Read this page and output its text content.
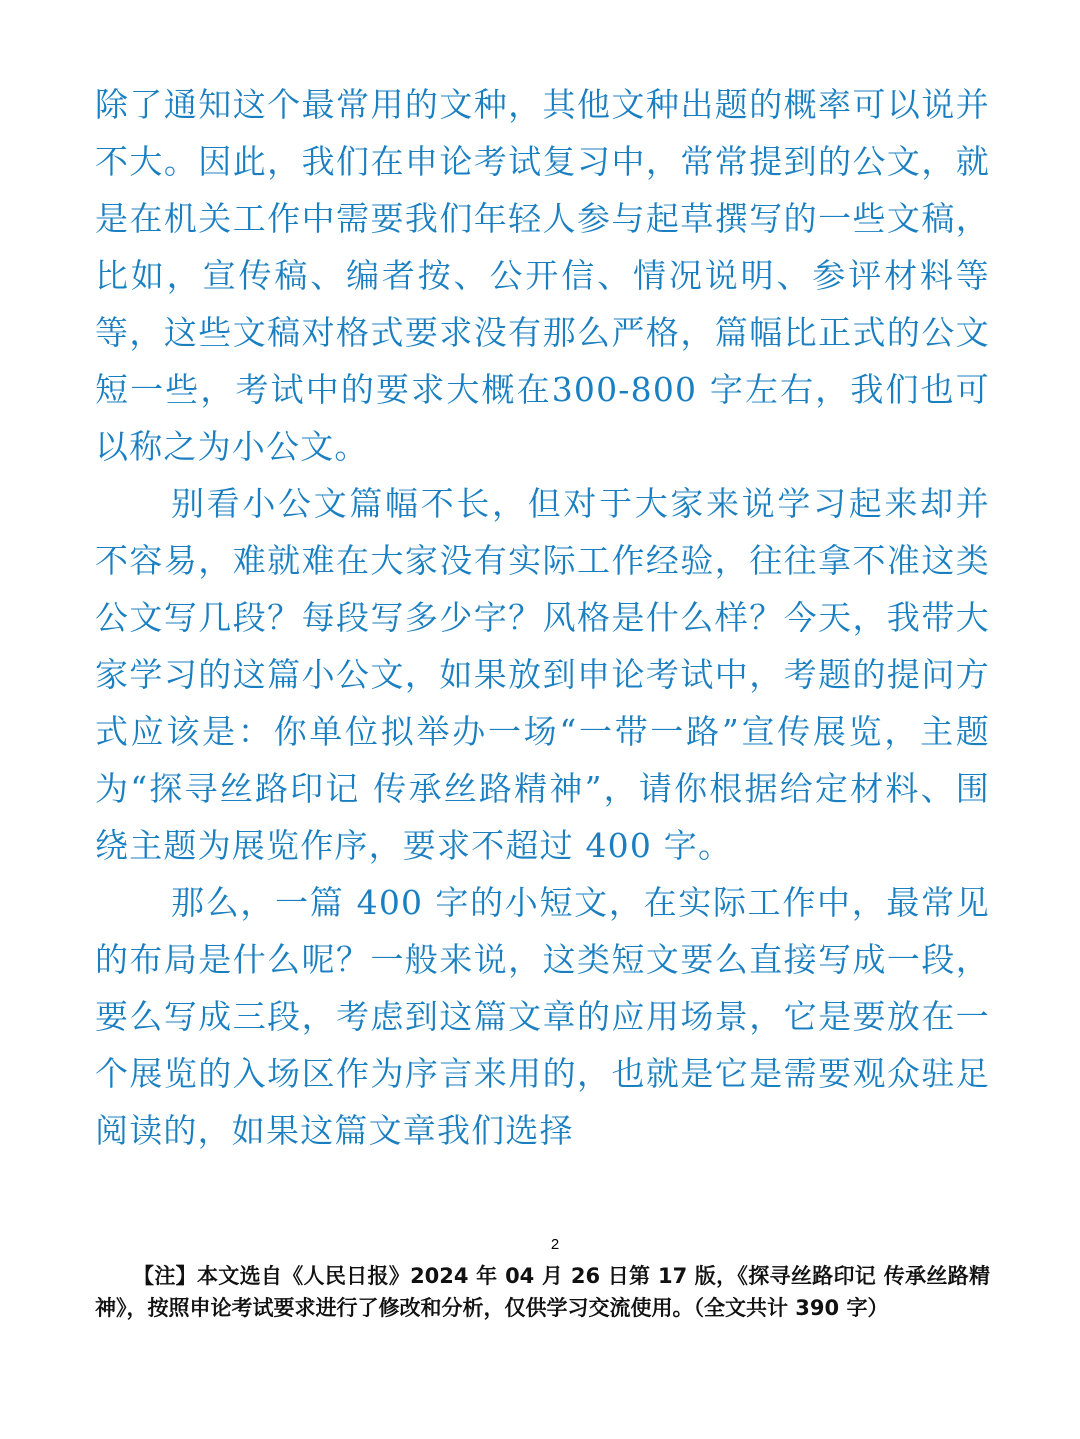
除了通知这个最常用的文种，其他文种出题的概率可以说并不大。因此，我们在申论考试复习中，常常提到的公文，就是在机关工作中需要我们年轻人参与起草撰写的一些文稿，比如，宣传稿、编者按、公开信、情况说明、参评材料等等，这些文稿对格式要求没有那么严格，篇幅比正式的公文短一些，考试中的要求大概在300-800 字左右，我们也可以称之为小公文。

别看小公文篇幅不长，但对于大家来说学习起来却并不容易，难就难在大家没有实际工作经验，往往拿不准这类公文写几段？每段写多少字？风格是什么样？今天，我带大家学习的这篇小公文，如果放到申论考试中，考题的提问方式应该是：你单位拟举办一场“一带一路”宣传展览，主题为“探寻丝路印记 传承丝路精神”，请你根据给定材料、围绕主题为展览作序，要求不超过 400 字。

那么，一篇 400 字的小短文，在实际工作中，最常见的布局是什么呢？一般来说，这类短文要么直接写成一段，要么写成三段，考虑到这篇文章的应用场景，它是要放在一个展览的入场区作为序言来用的，也就是它是需要观众驻足阅读的，如果这篇文章我们选择

2
【注】本文选自《人民日报》2024 年 04 月 26 日第 17 版，《探寻丝路印记 传承丝路精神》，按照申论考试要求进行了修改和分析，仅供学习交流使用。（全文共计 390 字）
